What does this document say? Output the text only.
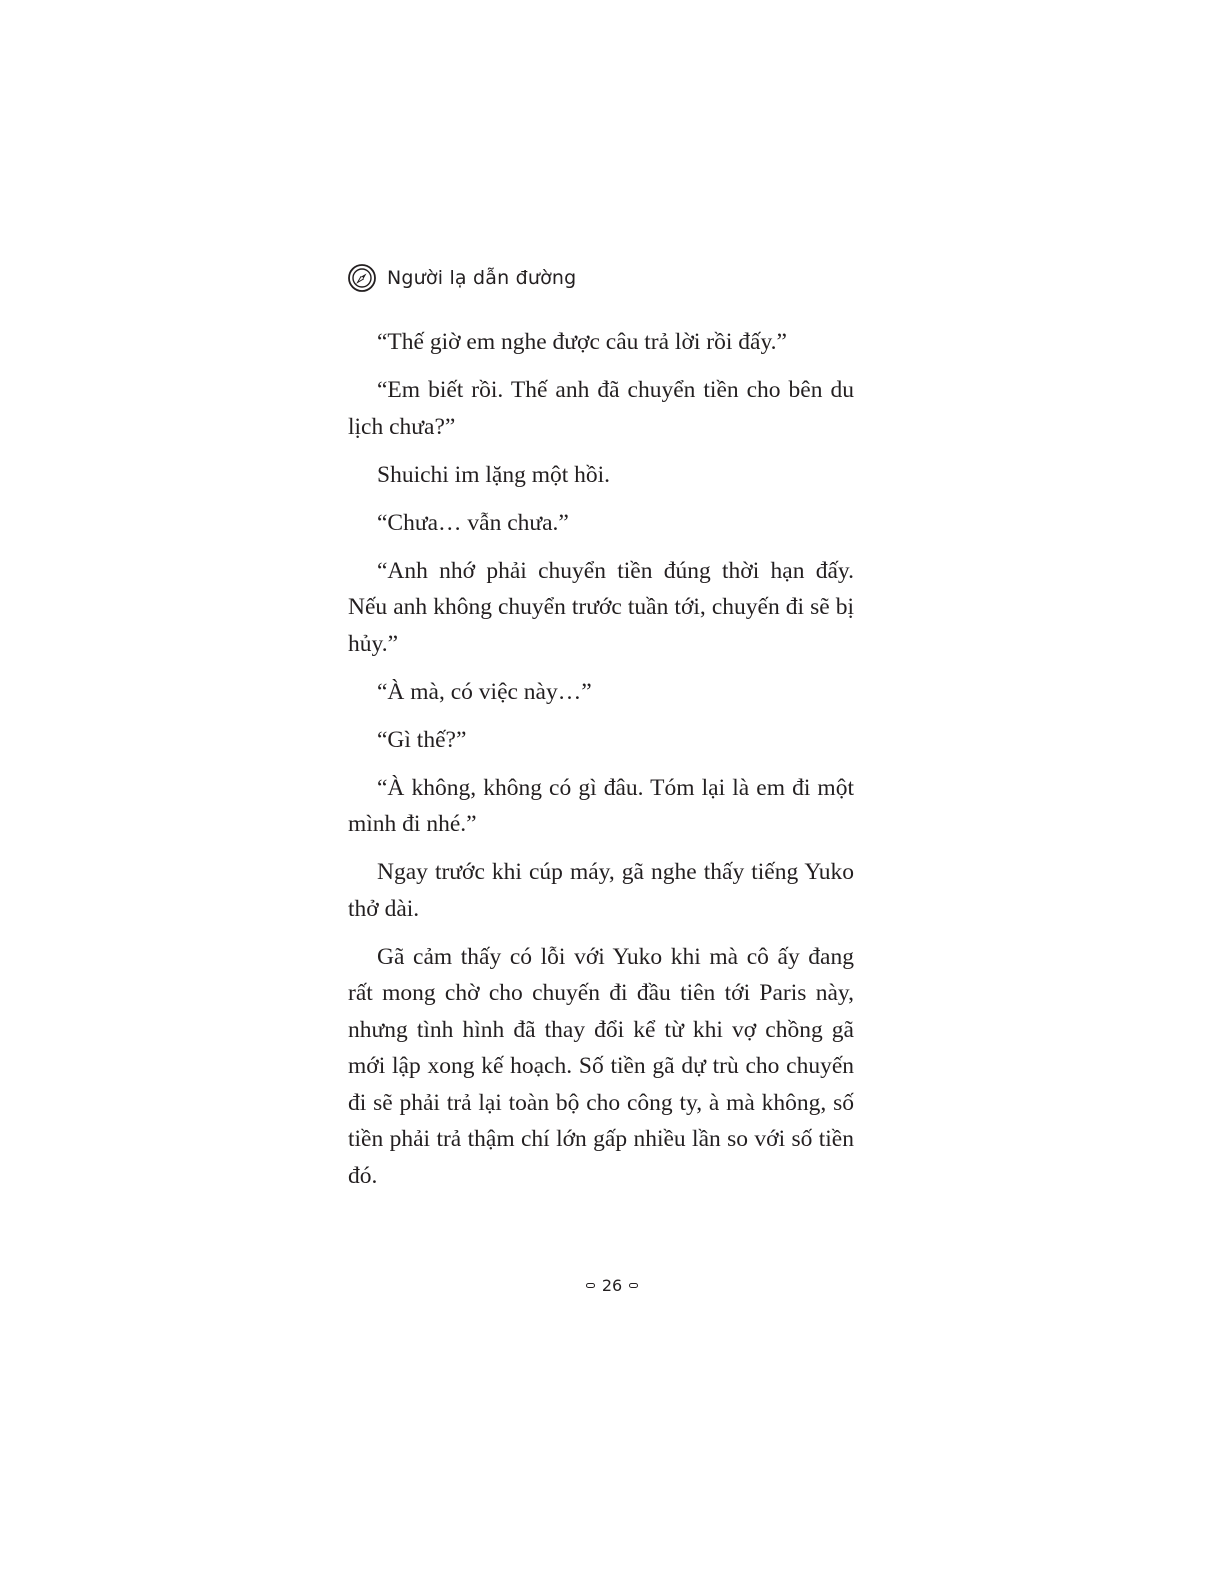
Người lạ dẫn đường

“Thế giờ em nghe được câu trả lời rồi đấy.”

“Em biết rồi. Thế anh đã chuyển tiền cho bên du lịch chưa?”

Shuichi im lặng một hồi.

“Chưa… vẫn chưa.”

“Anh nhớ phải chuyển tiền đúng thời hạn đấy. Nếu anh không chuyển trước tuần tới, chuyến đi sẽ bị hủy.”

“À mà, có việc này…”

“Gì thế?”

“À không, không có gì đâu. Tóm lại là em đi một mình đi nhé.”

Ngay trước khi cúp máy, gã nghe thấy tiếng Yuko thở dài.

Gã cảm thấy có lỗi với Yuko khi mà cô ấy đang rất mong chờ cho chuyến đi đầu tiên tới Paris này, nhưng tình hình đã thay đổi kể từ khi vợ chồng gã mới lập xong kế hoạch. Số tiền gã dự trù cho chuyến đi sẽ phải trả lại toàn bộ cho công ty, à mà không, số tiền phải trả thậm chí lớn gấp nhiều lần so với số tiền đó.

26
